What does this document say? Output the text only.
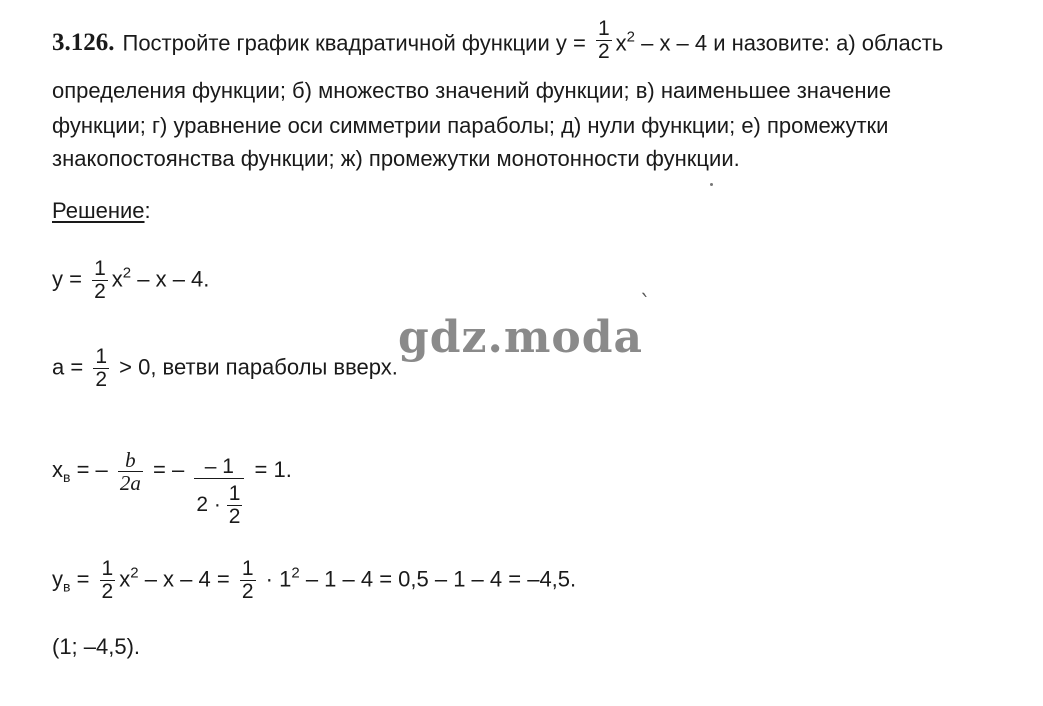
3.126. Постройте график квадратичной функции $y = \frac{1}{2} x^2 - x - 4$ и назовите: а) область
определения функции; б) множество значений функции; в) наименьшее значение
функции; г) уравнение оси симметрии параболы; д) нули функции; е) промежутки
знакопостоянства функции; ж) промежутки монотонности функции.
Решение:
$y = \frac{1}{2} x^2 - x - 4$.
$a = \frac{1}{2} > 0$, ветви параболы вверх.
$x_в$ = – $\frac{b}{2a}$ = – $\frac{- 1}{2 \cdot \frac{1}{2}} = 1$.
$y_в = \frac{1}{2} x^2 - x - 4 = \frac{1}{2} \cdot 1^2 - 1 - 4 = 0,5 - 1 - 4 = -4,5$.
(1; –4,5).
gdz.moda
`
